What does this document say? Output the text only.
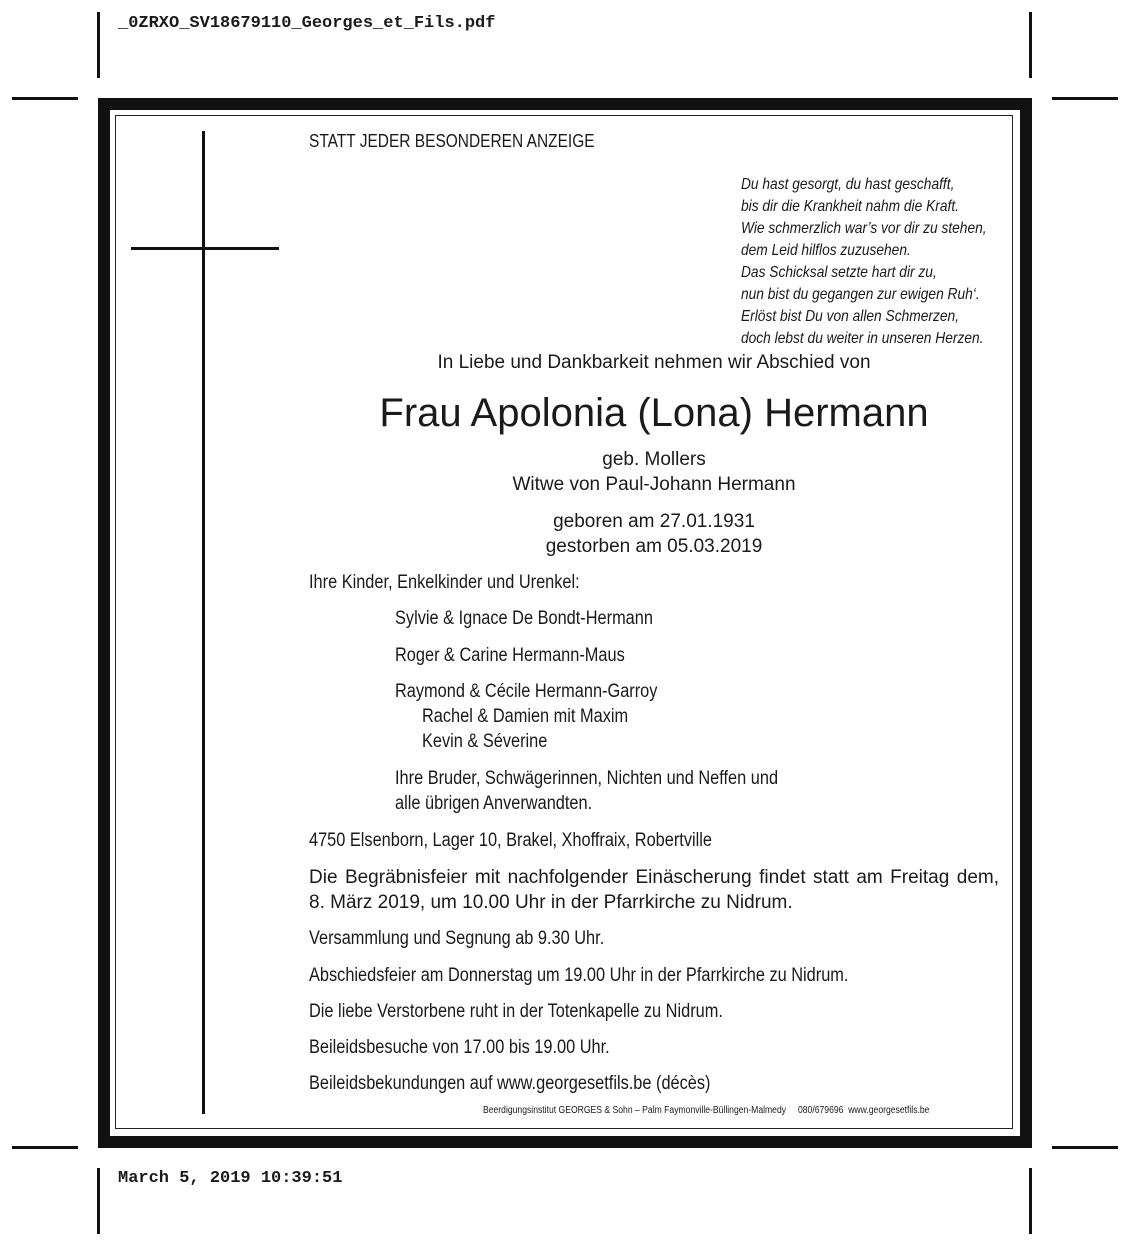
_0ZRXO_SV18679110_Georges_et_Fils.pdf
March 5, 2019 10:39:51
STATT JEDER BESONDEREN ANZEIGE
Du hast gesorgt, du hast geschafft,
bis dir die Krankheit nahm die Kraft.
Wie schmerzlich war’s vor dir zu stehen,
dem Leid hilflos zuzusehen.
Das Schicksal setzte hart dir zu,
nun bist du gegangen zur ewigen Ruh‘.
Erlöst bist Du von allen Schmerzen,
doch lebst du weiter in unseren Herzen.
In Liebe und Dankbarkeit nehmen wir Abschied von
Frau Apolonia (Lona) Hermann
geb. Mollers
Witwe von Paul-Johann Hermann
geboren am 27.01.1931
gestorben am 05.03.2019
Ihre Kinder, Enkelkinder und Urenkel:
Sylvie & Ignace De Bondt-Hermann
Roger & Carine Hermann-Maus
Raymond & Cécile Hermann-Garroy
Rachel & Damien mit Maxim
Kevin & Séverine
Ihre Bruder, Schwägerinnen, Nichten und Neffen und
alle übrigen Anverwandten.
4750 Elsenborn, Lager 10, Brakel, Xhoffraix, Robertville
Die Begräbnisfeier mit nachfolgender Einäscherung findet statt am Freitag dem, 8. März 2019, um 10.00 Uhr in der Pfarrkirche zu Nidrum.
Versammlung und Segnung ab 9.30 Uhr.
Abschiedsfeier am Donnerstag um 19.00 Uhr in der Pfarrkirche zu Nidrum.
Die liebe Verstorbene ruht in der Totenkapelle zu Nidrum.
Beileidsbesuche von 17.00 bis 19.00 Uhr.
Beileidsbekundungen auf www.georgesetfils.be (décès)
Beerdigungsinstitut GEORGES & Sohn – Palm Faymonville-Büllingen-Malmedy     080/679696  www.georgesetfils.be
